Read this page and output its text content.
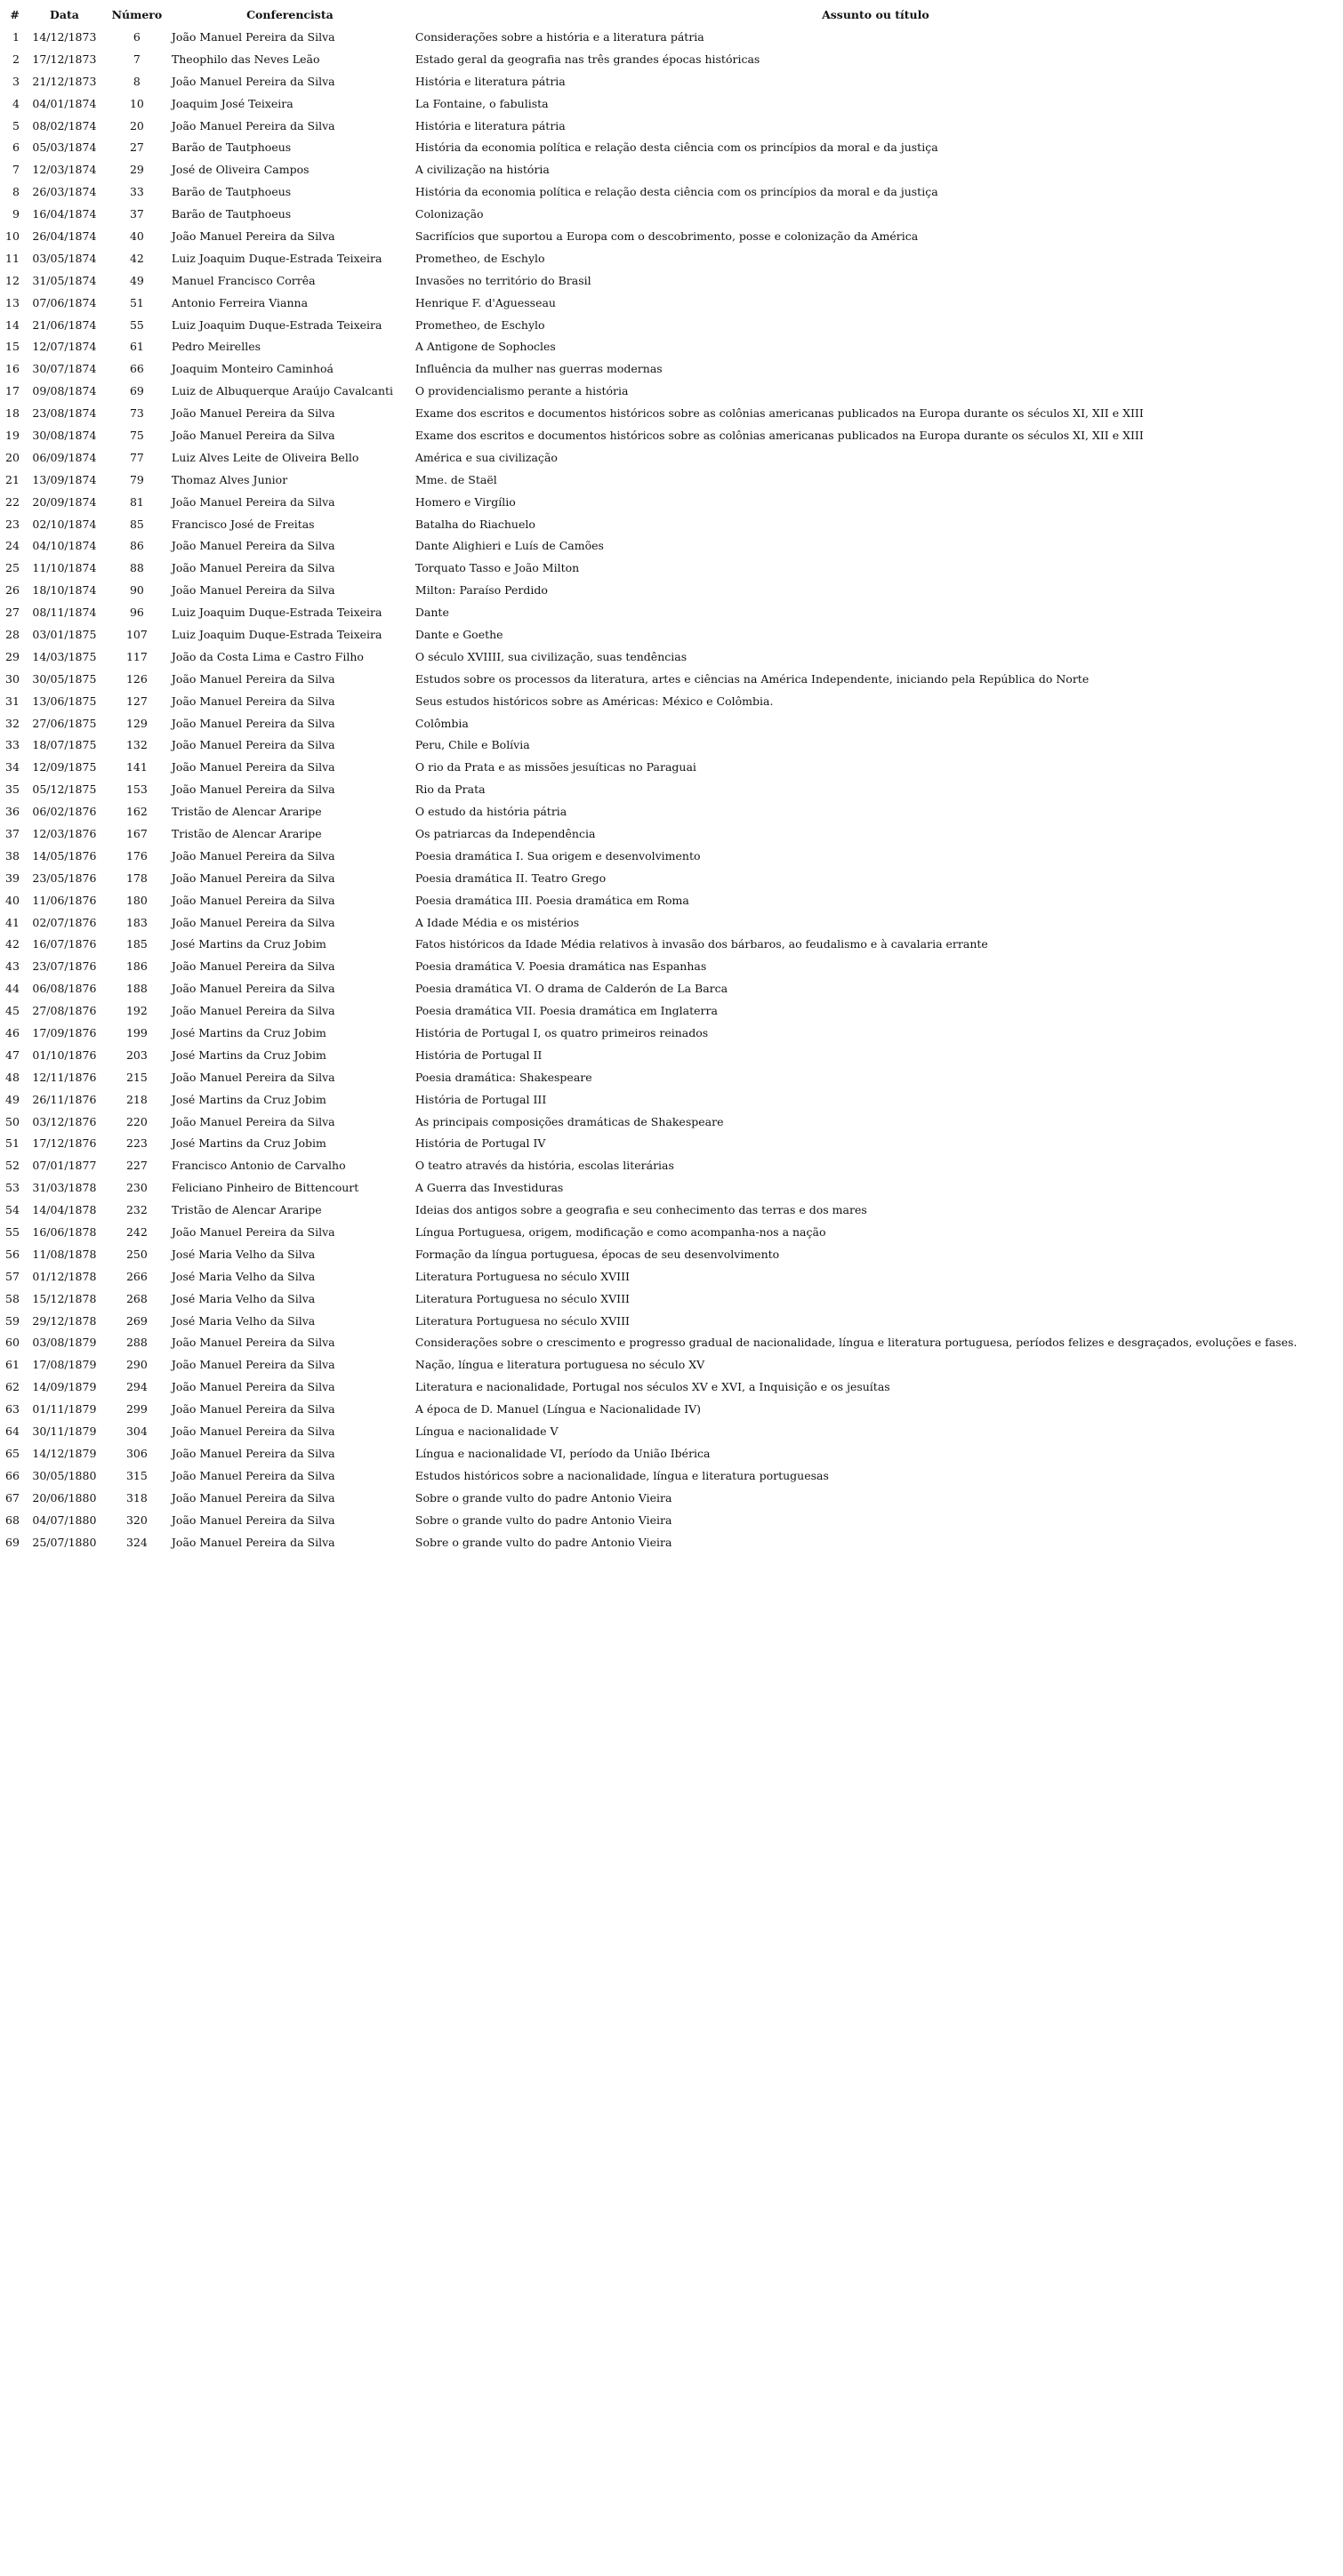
#	Data	Número	Conferencista	Assunto ou título
1	14/12/1873	6	João Manuel Pereira da Silva	Considerações sobre a história e a literatura pátria
2	17/12/1873	7	Theophilo das Neves Leão	Estado geral da geografia nas três grandes épocas históricas
3	21/12/1873	8	João Manuel Pereira da Silva	História e literatura pátria
4	04/01/1874	10	Joaquim José Teixeira	La Fontaine, o fabulista
5	08/02/1874	20	João Manuel Pereira da Silva	História e literatura pátria
6	05/03/1874	27	Barão de Tautphoeus	História da economia política e relação desta ciência com os princípios da moral e da justiça
7	12/03/1874	29	José de Oliveira Campos	A civilização na história
8	26/03/1874	33	Barão de Tautphoeus	História da economia política e relação desta ciência com os princípios da moral e da justiça
9	16/04/1874	37	Barão de Tautphoeus	Colonização
10	26/04/1874	40	João Manuel Pereira da Silva	Sacrifícios que suportou a Europa com o descobrimento, posse e colonização da América
11	03/05/1874	42	Luiz Joaquim Duque-Estrada Teixeira	Prometheo, de Eschylo
12	31/05/1874	49	Manuel Francisco Corrêa	Invasões no território do Brasil
13	07/06/1874	51	Antonio Ferreira Vianna	Henrique F. d'Aguesseau
14	21/06/1874	55	Luiz Joaquim Duque-Estrada Teixeira	Prometheo, de Eschylo
15	12/07/1874	61	Pedro Meirelles	A Antigone de Sophocles
16	30/07/1874	66	Joaquim Monteiro Caminhoá	Influência da mulher nas guerras modernas
17	09/08/1874	69	Luiz de Albuquerque Araújo Cavalcanti	O providencialismo perante a história
18	23/08/1874	73	João Manuel Pereira da Silva	Exame dos escritos e documentos históricos sobre as colônias americanas publicados na Europa durante os séculos XI, XII e XIII
19	30/08/1874	75	João Manuel Pereira da Silva	Exame dos escritos e documentos históricos sobre as colônias americanas publicados na Europa durante os séculos XI, XII e XIII
20	06/09/1874	77	Luiz Alves Leite de Oliveira Bello	América e sua civilização
21	13/09/1874	79	Thomaz Alves Junior	Mme. de Staël
22	20/09/1874	81	João Manuel Pereira da Silva	Homero e Virgílio
23	02/10/1874	85	Francisco José de Freitas	Batalha do Riachuelo
24	04/10/1874	86	João Manuel Pereira da Silva	Dante Alighieri e Luís de Camões
25	11/10/1874	88	João Manuel Pereira da Silva	Torquato Tasso e João Milton
26	18/10/1874	90	João Manuel Pereira da Silva	Milton: Paraíso Perdido
27	08/11/1874	96	Luiz Joaquim Duque-Estrada Teixeira	Dante
28	03/01/1875	107	Luiz Joaquim Duque-Estrada Teixeira	Dante e Goethe
29	14/03/1875	117	João da Costa Lima e Castro Filho	O século XVIIII, sua civilização, suas tendências
30	30/05/1875	126	João Manuel Pereira da Silva	Estudos sobre os processos da literatura, artes e ciências na América Independente, iniciando pela República do Norte
31	13/06/1875	127	João Manuel Pereira da Silva	Seus estudos históricos sobre as Américas: México e Colômbia.
32	27/06/1875	129	João Manuel Pereira da Silva	Colômbia
33	18/07/1875	132	João Manuel Pereira da Silva	Peru, Chile e Bolívia
34	12/09/1875	141	João Manuel Pereira da Silva	O rio da Prata e as missões jesuíticas no Paraguai
35	05/12/1875	153	João Manuel Pereira da Silva	Rio da Prata
36	06/02/1876	162	Tristão de Alencar Araripe	O estudo da história pátria
37	12/03/1876	167	Tristão de Alencar Araripe	Os patriarcas da Independência
38	14/05/1876	176	João Manuel Pereira da Silva	Poesia dramática I. Sua origem e desenvolvimento
39	23/05/1876	178	João Manuel Pereira da Silva	Poesia dramática II. Teatro Grego
40	11/06/1876	180	João Manuel Pereira da Silva	Poesia dramática III. Poesia dramática em Roma
41	02/07/1876	183	João Manuel Pereira da Silva	A Idade Média e os mistérios
42	16/07/1876	185	José Martins da Cruz Jobim	Fatos históricos da Idade Média relativos à invasão dos bárbaros, ao feudalismo e à cavalaria errante
43	23/07/1876	186	João Manuel Pereira da Silva	Poesia dramática V. Poesia dramática nas Espanhas
44	06/08/1876	188	João Manuel Pereira da Silva	Poesia dramática VI. O drama de Calderón de La Barca
45	27/08/1876	192	João Manuel Pereira da Silva	Poesia dramática VII. Poesia dramática em Inglaterra
46	17/09/1876	199	José Martins da Cruz Jobim	História de Portugal I, os quatro primeiros reinados
47	01/10/1876	203	José Martins da Cruz Jobim	História de Portugal II
48	12/11/1876	215	João Manuel Pereira da Silva	Poesia dramática: Shakespeare
49	26/11/1876	218	José Martins da Cruz Jobim	História de Portugal III
50	03/12/1876	220	João Manuel Pereira da Silva	As principais composições dramáticas de Shakespeare
51	17/12/1876	223	José Martins da Cruz Jobim	História de Portugal IV
52	07/01/1877	227	Francisco Antonio de Carvalho	O teatro através da história, escolas literárias
53	31/03/1878	230	Feliciano Pinheiro de Bittencourt	A Guerra das Investiduras
54	14/04/1878	232	Tristão de Alencar Araripe	Ideias dos antigos sobre a geografia e seu conhecimento das terras e dos mares
55	16/06/1878	242	João Manuel Pereira da Silva	Língua Portuguesa, origem, modificação e como acompanha-nos a nação
56	11/08/1878	250	José Maria Velho da Silva	Formação da língua portuguesa, épocas de seu desenvolvimento
57	01/12/1878	266	José Maria Velho da Silva	Literatura Portuguesa no século XVIII
58	15/12/1878	268	José Maria Velho da Silva	Literatura Portuguesa no século XVIII
59	29/12/1878	269	José Maria Velho da Silva	Literatura Portuguesa no século XVIII
60	03/08/1879	288	João Manuel Pereira da Silva	Considerações sobre o crescimento e progresso gradual de nacionalidade, língua e literatura portuguesa, períodos felizes e desgraçados, evoluções e fases.
61	17/08/1879	290	João Manuel Pereira da Silva	Nação, língua e literatura portuguesa no século XV
62	14/09/1879	294	João Manuel Pereira da Silva	Literatura e nacionalidade, Portugal nos séculos XV e XVI, a Inquisição e os jesuítas
63	01/11/1879	299	João Manuel Pereira da Silva	A época de D. Manuel (Língua e Nacionalidade IV)
64	30/11/1879	304	João Manuel Pereira da Silva	Língua e nacionalidade V
65	14/12/1879	306	João Manuel Pereira da Silva	Língua e nacionalidade VI, período da União Ibérica
66	30/05/1880	315	João Manuel Pereira da Silva	Estudos históricos sobre a nacionalidade, língua e literatura portuguesas
67	20/06/1880	318	João Manuel Pereira da Silva	Sobre o grande vulto do padre Antonio Vieira
68	04/07/1880	320	João Manuel Pereira da Silva	Sobre o grande vulto do padre Antonio Vieira
69	25/07/1880	324	João Manuel Pereira da Silva	Sobre o grande vulto do padre Antonio Vieira
